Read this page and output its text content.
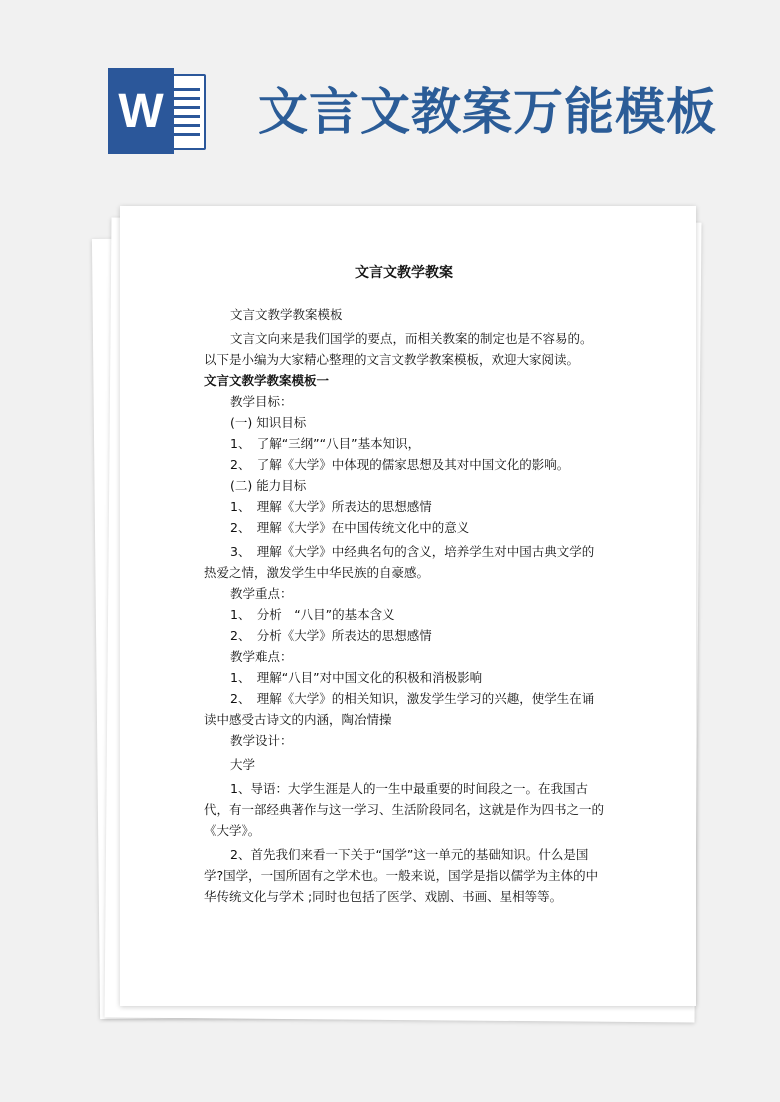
W 文言文教案万能模板
文言文教学教案

文言文教学教案模板

文言文向来是我们国学的要点，而相关教案的制定也是不容易的。以下是小编为大家精心整理的文言文教学教案模板，欢迎大家阅读。

文言文教学教案模板一

教学目标：

(一) 知识目标

1、　了解“三纲”“八目”基本知识，

2、　了解《大学》中体现的儒家思想及其对中国文化的影响。

(二) 能力目标

1、　理解《大学》所表达的思想感情

2、　理解《大学》在中国传统文化中的意义

3、　理解《大学》中经典名句的含义，培养学生对中国古典文学的热爱之情，激发学生中华民族的自豪感。

教学重点：

1、　分析　“八目”的基本含义

2、　分析《大学》所表达的思想感情

教学难点：

1、　理解“八目”对中国文化的积极和消极影响

2、　理解《大学》的相关知识，激发学生学习的兴趣，使学生在诵读中感受古诗文的内涵，陶冶情操

教学设计：

大学

1、导语：大学生涯是人的一生中最重要的时间段之一。在我国古代，有一部经典著作与这一学习、生活阶段同名，这就是作为四书之一的《大学》。

2、首先我们来看一下关于“国学”这一单元的基础知识。什么是国学?国学，一国所固有之学术也。一般来说，国学是指以儒学为主体的中华传统文化与学术 ;同时也包括了医学、戏剧、书画、星相等等。
